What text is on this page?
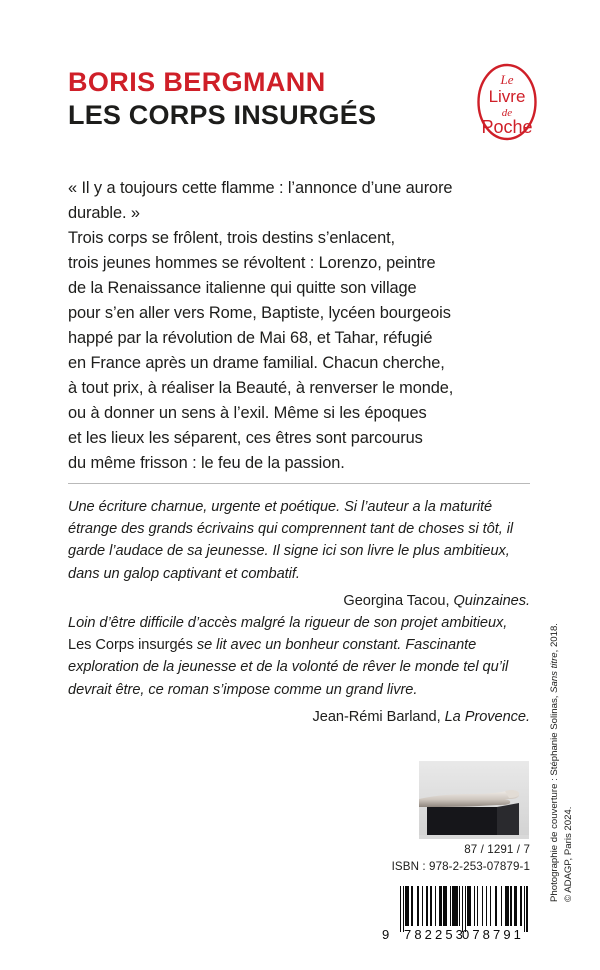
BORIS BERGMANN
LES CORPS INSURGÉS
Le
Livre
de
Poche

« Il y a toujours cette flamme : l’annonce d’une aurore

durable. »

Trois corps se frôlent, trois destins s’enlacent,

trois jeunes hommes se révoltent : Lorenzo, peintre

de la Renaissance italienne qui quitte son village

pour s’en aller vers Rome, Baptiste, lycéen bourgeois

happé par la révolution de Mai 68, et Tahar, réfugié

en France après un drame familial. Chacun cherche,

à tout prix, à réaliser la Beauté, à renverser le monde,

ou à donner un sens à l’exil. Même si les époques

et les lieux les séparent, ces êtres sont parcourus

du même frisson : le feu de la passion.

Une écriture charnue, urgente et poétique. Si l’auteur a la maturité étrange des grands écrivains qui comprennent tant de choses si tôt, il garde l’audace de sa jeunesse. Il signe ici son livre le plus ambitieux, dans un galop captivant et combatif.

Georgina Tacou, Quinzaines.

Loin d’être difficile d’accès malgré la rigueur de son projet ambitieux, Les Corps insurgés se lit avec un bonheur constant. Fascinante exploration de la jeunesse et de la volonté de rêver le monde tel qu’il devrait être, ce roman s’impose comme un grand livre.

Jean-Rémi Barland, La Provence.

87 / 1291 / 7
ISBN : 978-2-253-07879-1
9 782253
078791
Photographie de couverture : Stéphanie Solinas, Sans titre, 2018.
© ADAGP, Paris 2024.
